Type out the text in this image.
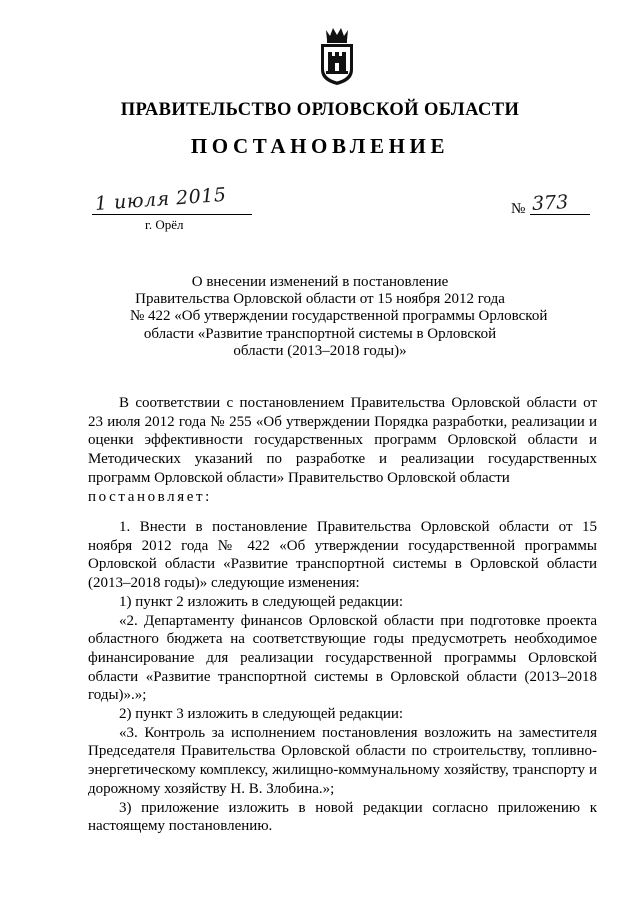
ПРАВИТЕЛЬСТВО ОРЛОВСКОЙ ОБЛАСТИ
ПОСТАНОВЛЕНИЕ
1 июля 2015
г. Орёл
№ 373
О внесении изменений в постановление
Правительства Орловской области от 15 ноября 2012 года
№ 422 «Об утверждении государственной программы Орловской
области «Развитие транспортной системы в Орловской
области (2013–2018 годы)»

В соответствии с постановлением Правительства Орловской области от 23 июля 2012 года № 255 «Об утверждении Порядка разработки, реализации и оценки эффективности государственных программ Орловской области и Методических указаний по разработке и реализации государственных программ Орловской области» Правительство Орловской области

постановляет:

1. Внести в постановление Правительства Орловской области от 15 ноября 2012 года № 422 «Об утверждении государственной программы Орловской области «Развитие транспортной системы в Орловской области (2013–2018 годы)» следующие изменения:

1) пункт 2 изложить в следующей редакции:

«2. Департаменту финансов Орловской области при подготовке проекта областного бюджета на соответствующие годы предусмотреть необходимое финансирование для реализации государственной программы Орловской области «Развитие транспортной системы в Орловской области (2013–2018 годы)».»;

2) пункт 3 изложить в следующей редакции:

«3. Контроль за исполнением постановления возложить на заместителя Председателя Правительства Орловской области по строительству, топливно-энергетическому комплексу, жилищно-коммунальному хозяйству, транспорту и дорожному хозяйству Н. В. Злобина.»;

3) приложение изложить в новой редакции согласно приложению к настоящему постановлению.
